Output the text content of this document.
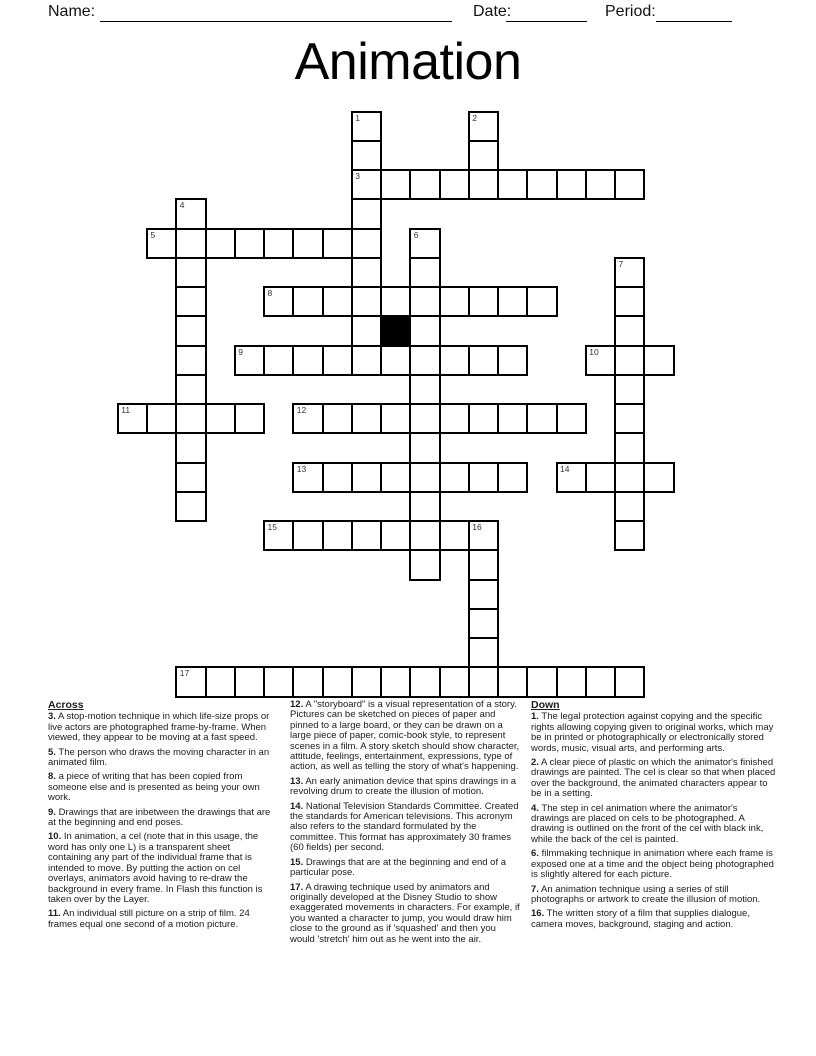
Name:	Date:	Period:
Animation
1
3
2
4
5	6
7
8
9	10
11	12
13	14
15	16
17
Across

3. A stop-motion technique in which life-size props or live actors are photographed frame-by-frame. When viewed, they appear to be moving at a fast speed.

5. The person who draws the moving character in an animated film.

8. a piece of writing that has been copied from someone else and is presented as being your own work.

9. Drawings that are inbetween the drawings that are at the beginning and end poses.

10. In animation, a cel (note that in this usage, the word has only one L) is a transparent sheet containing any part of the individual frame that is intended to move. By putting the action on cel overlays, animators avoid having to re-draw the background in every frame. In Flash this function is taken over by the Layer.

11. An individual still picture on a strip of film. 24 frames equal one second of a motion picture.

12. A "storyboard" is a visual representation of a story. Pictures can be sketched on pieces of paper and pinned to a large board, or they can be drawn on a large piece of paper, comic-book style, to represent scenes in a film. A story sketch should show character, attitude, feelings, entertainment, expressions, type of action, as well as telling the story of what's happening.

13. An early animation device that spins drawings in a revolving drum to create the illusion of motion.

14. National Television Standards Committee. Created the standards for American televisions. This acronym also refers to the standard formulated by the committee. This format has approximately 30 frames (60 fields) per second.

15. Drawings that are at the beginning and end of a particular pose.

17. A drawing technique used by animators and originally developed at the Disney Studio to show exaggerated movements in characters. For example, if you wanted a character to jump, you would draw him close to the ground as if 'squashed' and then you would 'stretch' him out as he went into the air.

Down

1. The legal protection against copying and the specific rights allowing copying given to original works, which may be in printed or photographically or electronically stored words, music, visual arts, and performing arts.

2. A clear piece of plastic on which the animator's finished drawings are painted. The cel is clear so that when placed over the background, the animated characters appear to be in a setting.

4. The step in cel animation where the animator's drawings are placed on cels to be photographed. A drawing is outlined on the front of the cel with black ink, while the back of the cel is painted.

6. filmmaking technique in animation where each frame is exposed one at a time and the object being photographed is slightly altered for each picture.

7. An animation technique using a series of still photographs or artwork to create the illusion of motion.

16. The written story of a film that supplies dialogue, camera moves, background, staging and action.
